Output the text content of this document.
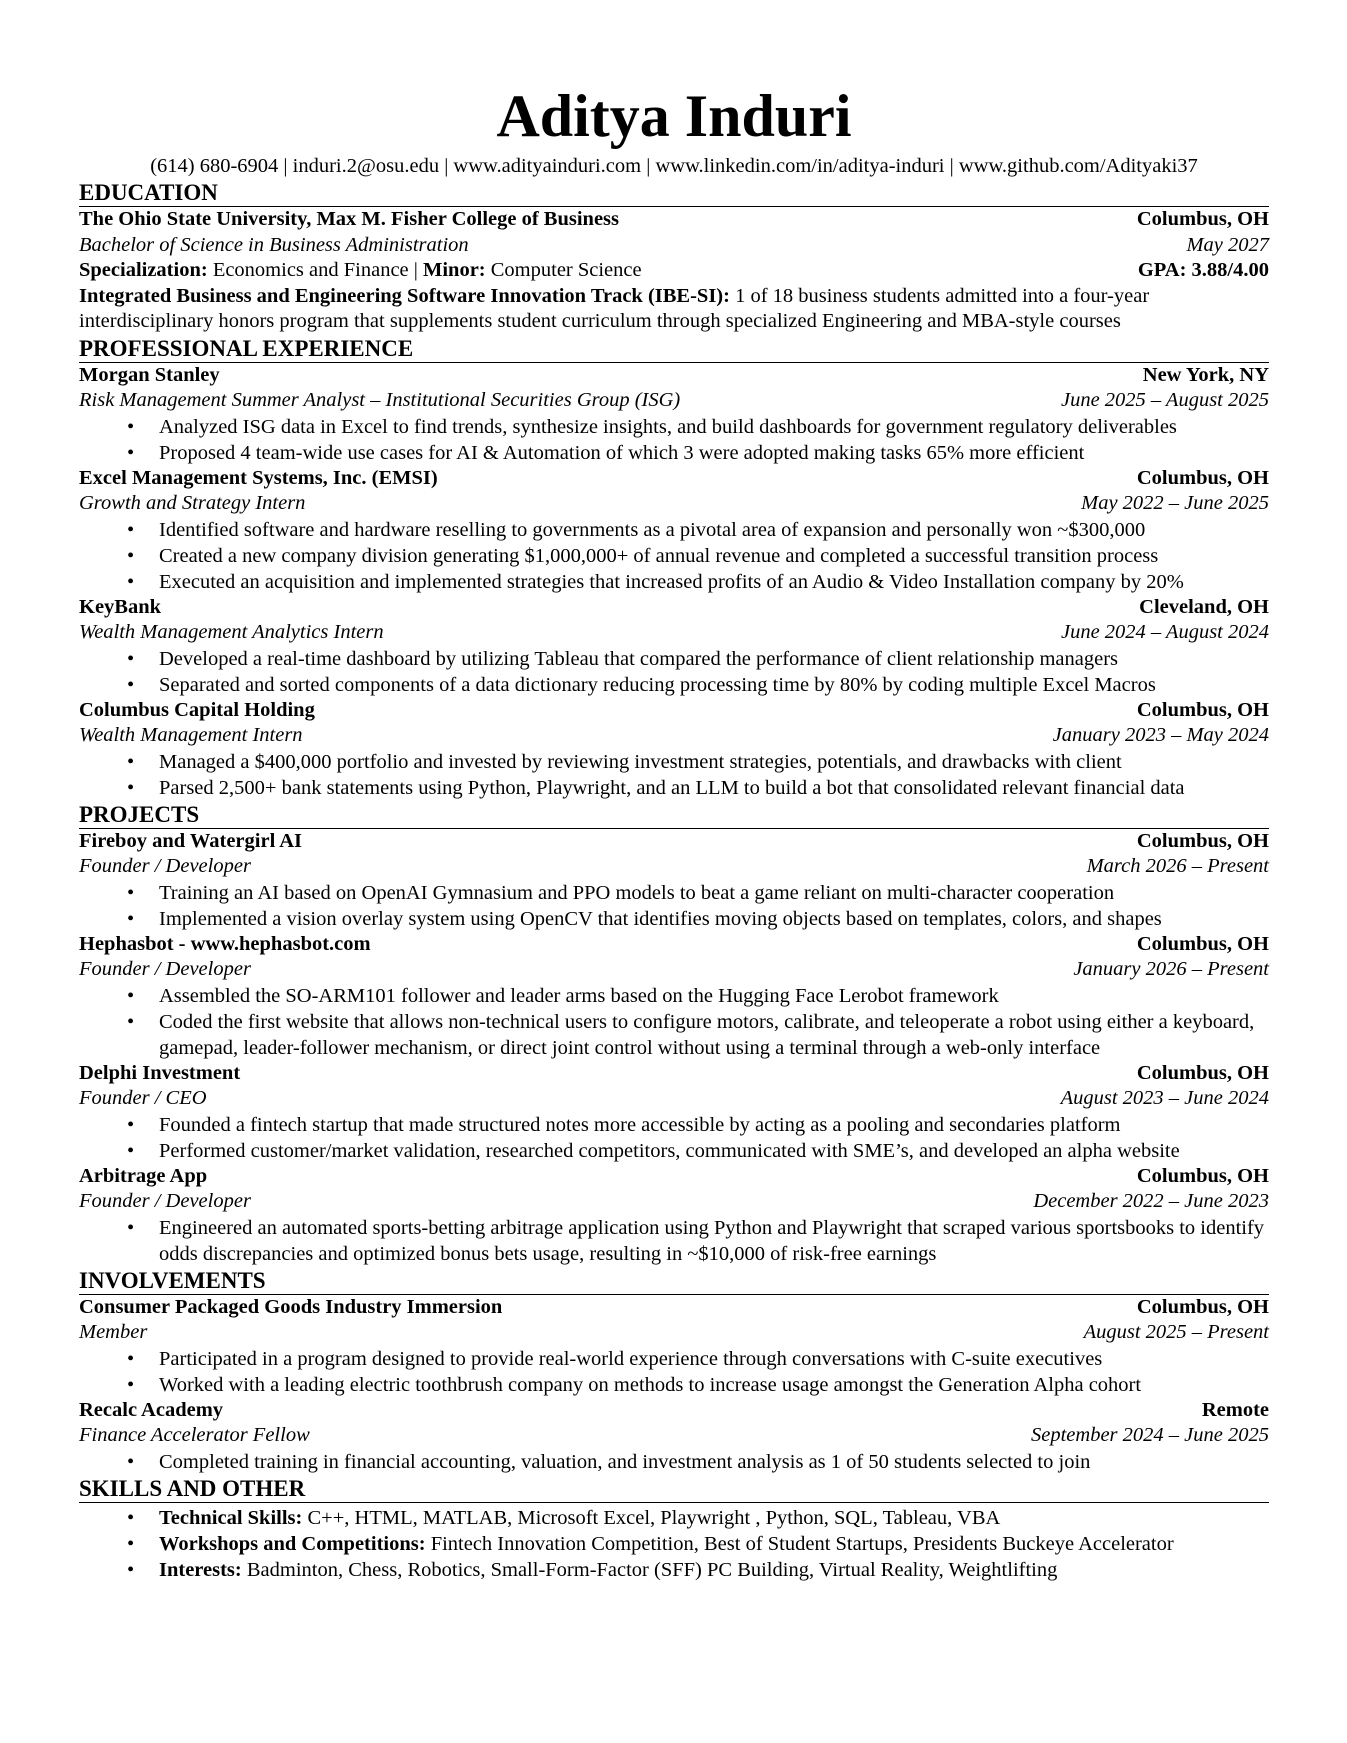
Aditya Induri
(614) 680-6904 | induri.2@osu.edu | www.adityainduri.com | www.linkedin.com/in/aditya-induri | www.github.com/Adityaki37
EDUCATION
The Ohio State University, Max M. Fisher College of Business	Columbus, OH
Bachelor of Science in Business Administration	May 2027
Specialization: Economics and Finance | Minor: Computer Science	GPA: 3.88/4.00
Integrated Business and Engineering Software Innovation Track (IBE-SI): 1 of 18 business students admitted into a four-year interdisciplinary honors program that supplements student curriculum through specialized Engineering and MBA-style courses
PROFESSIONAL EXPERIENCE
Morgan Stanley	New York, NY
Risk Management Summer Analyst – Institutional Securities Group (ISG)	June 2025 – August 2025
• Analyzed ISG data in Excel to find trends, synthesize insights, and build dashboards for government regulatory deliverables
• Proposed 4 team-wide use cases for AI & Automation of which 3 were adopted making tasks 65% more efficient
Excel Management Systems, Inc. (EMSI)	Columbus, OH
Growth and Strategy Intern	May 2022 – June 2025
• Identified software and hardware reselling to governments as a pivotal area of expansion and personally won ~$300,000
• Created a new company division generating $1,000,000+ of annual revenue and completed a successful transition process
• Executed an acquisition and implemented strategies that increased profits of an Audio & Video Installation company by 20%
KeyBank	Cleveland, OH
Wealth Management Analytics Intern	June 2024 – August 2024
• Developed a real-time dashboard by utilizing Tableau that compared the performance of client relationship managers
• Separated and sorted components of a data dictionary reducing processing time by 80% by coding multiple Excel Macros
Columbus Capital Holding	Columbus, OH
Wealth Management Intern	January 2023 – May 2024
• Managed a $400,000 portfolio and invested by reviewing investment strategies, potentials, and drawbacks with client
• Parsed 2,500+ bank statements using Python, Playwright, and an LLM to build a bot that consolidated relevant financial data
PROJECTS
Fireboy and Watergirl AI	Columbus, OH
Founder / Developer	March 2026 – Present
• Training an AI based on OpenAI Gymnasium and PPO models to beat a game reliant on multi-character cooperation
• Implemented a vision overlay system using OpenCV that identifies moving objects based on templates, colors, and shapes
Hephasbot - www.hephasbot.com	Columbus, OH
Founder / Developer	January 2026 – Present
• Assembled the SO-ARM101 follower and leader arms based on the Hugging Face Lerobot framework
• Coded the first website that allows non-technical users to configure motors, calibrate, and teleoperate a robot using either a keyboard, gamepad, leader-follower mechanism, or direct joint control without using a terminal through a web-only interface
Delphi Investment	Columbus, OH
Founder / CEO	August 2023 – June 2024
• Founded a fintech startup that made structured notes more accessible by acting as a pooling and secondaries platform
• Performed customer/market validation, researched competitors, communicated with SME’s, and developed an alpha website
Arbitrage App	Columbus, OH
Founder / Developer	December 2022 – June 2023
• Engineered an automated sports-betting arbitrage application using Python and Playwright that scraped various sportsbooks to identify odds discrepancies and optimized bonus bets usage, resulting in ~$10,000 of risk-free earnings
INVOLVEMENTS
Consumer Packaged Goods Industry Immersion	Columbus, OH
Member	August 2025 – Present
• Participated in a program designed to provide real-world experience through conversations with C-suite executives
• Worked with a leading electric toothbrush company on methods to increase usage amongst the Generation Alpha cohort
Recalc Academy	Remote
Finance Accelerator Fellow	September 2024 – June 2025
• Completed training in financial accounting, valuation, and investment analysis as 1 of 50 students selected to join
SKILLS AND OTHER
• Technical Skills: C++, HTML, MATLAB, Microsoft Excel, Playwright , Python, SQL, Tableau, VBA
• Workshops and Competitions: Fintech Innovation Competition, Best of Student Startups, Presidents Buckeye Accelerator
• Interests: Badminton, Chess, Robotics, Small-Form-Factor (SFF) PC Building, Virtual Reality, Weightlifting
